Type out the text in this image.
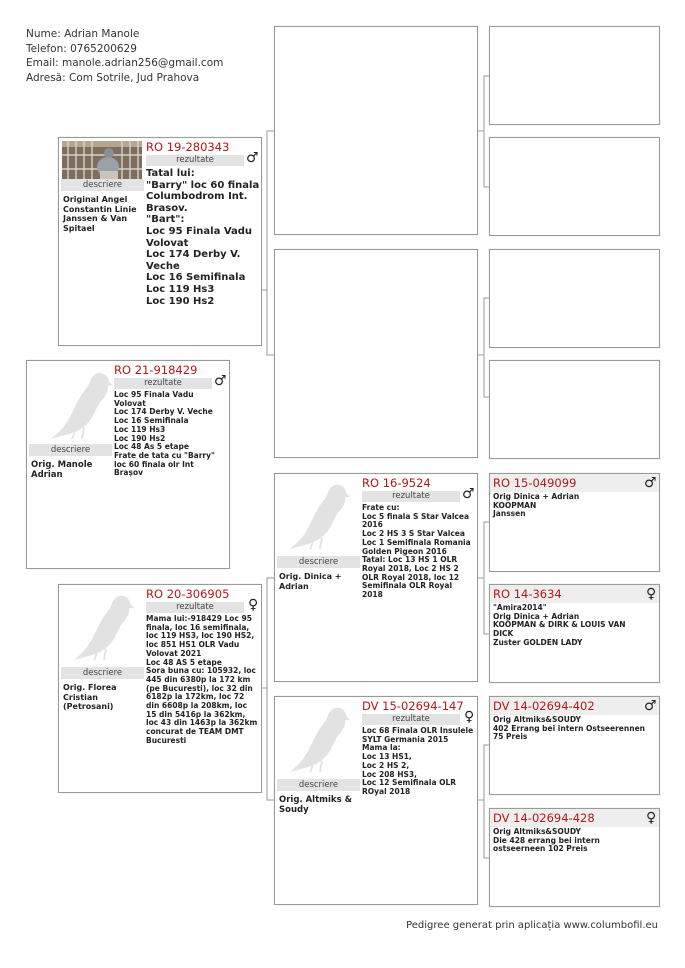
Nume: Adrian Manole
Telefon: 0765200629
Email: manole.adrian256@gmail.com
Adresă: Com Sotrile, Jud Prahova
descriere
Orig. Manole Adrian
RO 21-918429
rezultate	♂
Loc 95 Finala Vadu Volovat
Loc 174 Derby V. Veche
Loc 16 Semifinala
Loc 119 Hs3
Loc 190 Hs2
Loc 48 As 5 etape
Frate de tata cu "Barry" loc 60 finala olr Int Brașov
descriere
Original Angel Constantin Linie Janssen & Van Spitael
RO 19-280343
rezultate	♂
Tatal lui:
"Barry" loc 60 finala Columbodrom Int. Brasov.
"Bart":
Loc 95 Finala Vadu Volovat
Loc 174 Derby V. Veche
Loc 16 Semifinala
Loc 119 Hs3
Loc 190 Hs2
descriere
Orig. Florea Cristian (Petrosani)
RO 20-306905
rezultate	♀
Mama lui:-918429 Loc 95 finala, loc 16 semifinala, loc 119 HS3, loc 190 HS2, loc 851 HS1 OLR Vadu Volovat 2021
Loc 48 AS 5 etape
Sora buna cu: 105932, loc 445 din 6380p la 172 km (pe Bucuresti), loc 32 din 6182p la 172km, loc 72 din 6608p la 208km, loc 15 din 5416p la 362km, loc 43 din 1463p la 362km concurat de TEAM DMT Bucuresti
descriere
Orig. Dinica + Adrian
RO 16-9524
rezultate	♂
Frate cu:
Loc 5 finala S Star Valcea 2016
Loc 2 HS 3 S Star Valcea
Loc 1 Semifinala Romania Golden Pigeon 2016
Tatal: Loc 13 HS 1 OLR Royal 2018, Loc 2 HS 2 OLR Royal 2018, loc 12 Semifinala OLR Royal 2018
descriere
Orig. Altmiks & Soudy
DV 15-02694-147
rezultate	♀
Loc 68 Finala OLR Insulele SYLT Germania 2015
Mama la:
Loc 13 HS1,
Loc 2 HS 2,
Loc 208 HS3,
Loc 12 Semifinala OLR ROyal 2018
RO 15-049099	♂
Orig Dinica + Adrian
KOOPMAN
Janssen
RO 14-3634	♀
"Amira2014"
Orig Dinica + Adrian
KOOPMAN & DIRK & LOUIS VAN DICK
Zuster GOLDEN LADY
DV 14-02694-402	♂
Orig Altmiks&SOUDY
402 Errang bei intern Ostseerennen
75 Preis
DV 14-02694-428	♀
Orig Altmiks&SOUDY
Die 428 errang bei intern ostseerneen 102 Preis
Pedigree generat prin aplicația www.columbofil.eu
